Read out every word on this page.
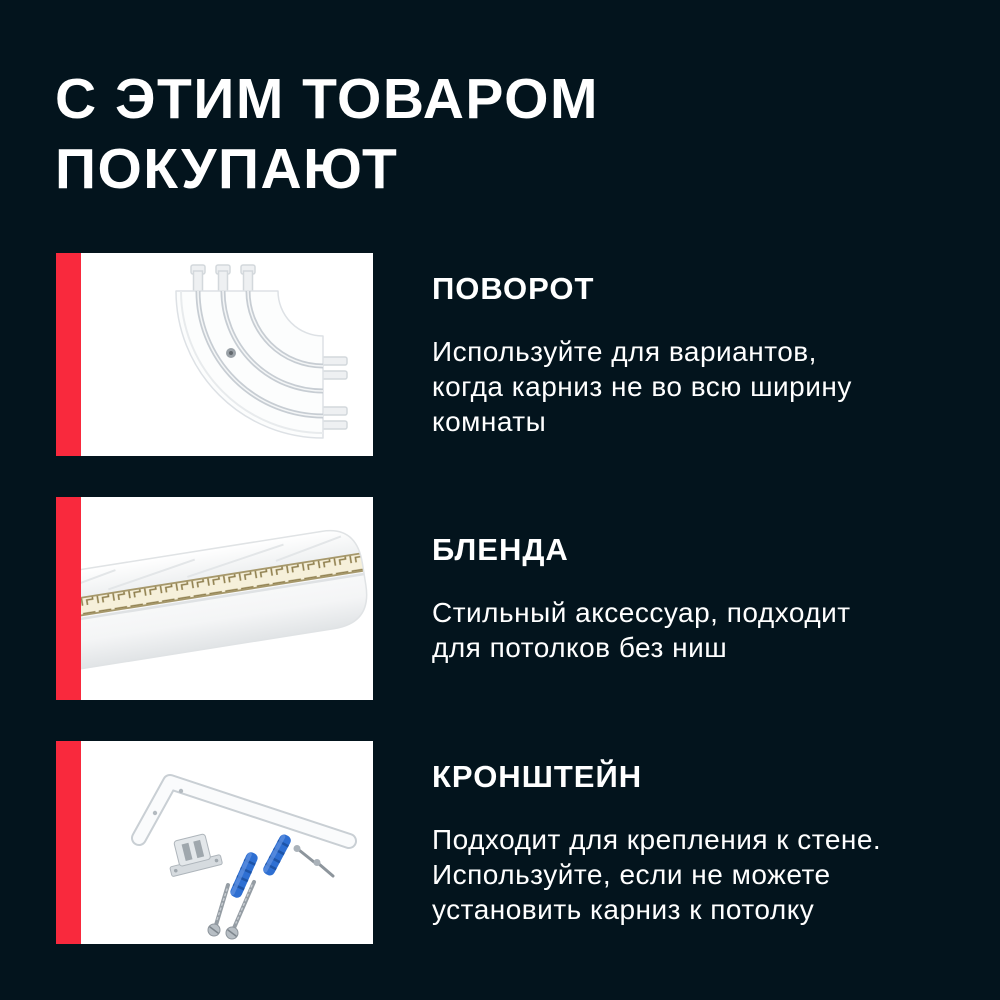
С ЭТИМ ТОВАРОМ
ПОКУПАЮТ
ПОВОРОТ
Используйте для вариантов,
когда карниз не во всю ширину
комнаты
БЛЕНДА
Стильный аксессуар, подходит
для потолков без ниш
КРОНШТЕЙН
Подходит для крепления к стене.
Используйте, если не можете
установить карниз к потолку
